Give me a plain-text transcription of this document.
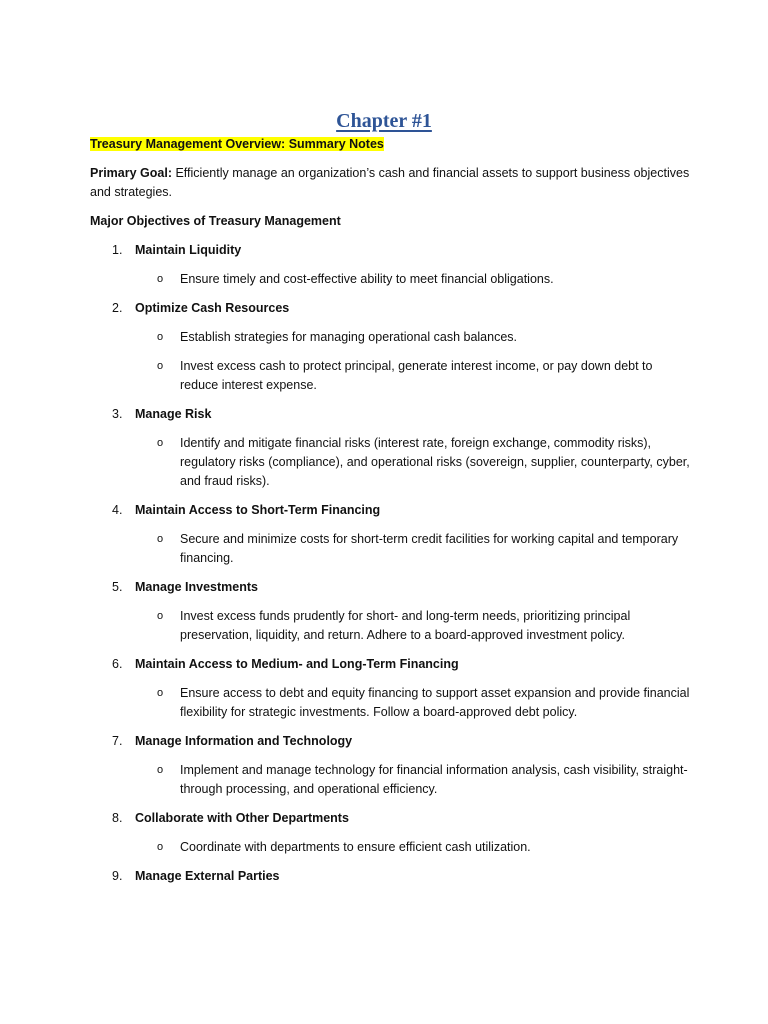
Chapter #1

Treasury Management Overview: Summary Notes

Primary Goal: Efficiently manage an organization’s cash and financial assets to support business objectives and strategies.

Major Objectives of Treasury Management

1. Maintain Liquidity
o Ensure timely and cost-effective ability to meet financial obligations.
2. Optimize Cash Resources
o Establish strategies for managing operational cash balances.
o Invest excess cash to protect principal, generate interest income, or pay down debt to reduce interest expense.
3. Manage Risk
o Identify and mitigate financial risks (interest rate, foreign exchange, commodity risks), regulatory risks (compliance), and operational risks (sovereign, supplier, counterparty, cyber, and fraud risks).
4. Maintain Access to Short-Term Financing
o Secure and minimize costs for short-term credit facilities for working capital and temporary financing.
5. Manage Investments
o Invest excess funds prudently for short- and long-term needs, prioritizing principal preservation, liquidity, and return. Adhere to a board-approved investment policy.
6. Maintain Access to Medium- and Long-Term Financing
o Ensure access to debt and equity financing to support asset expansion and provide financial flexibility for strategic investments. Follow a board-approved debt policy.
7. Manage Information and Technology
o Implement and manage technology for financial information analysis, cash visibility, straight-through processing, and operational efficiency.
8. Collaborate with Other Departments
o Coordinate with departments to ensure efficient cash utilization.
9. Manage External Parties
